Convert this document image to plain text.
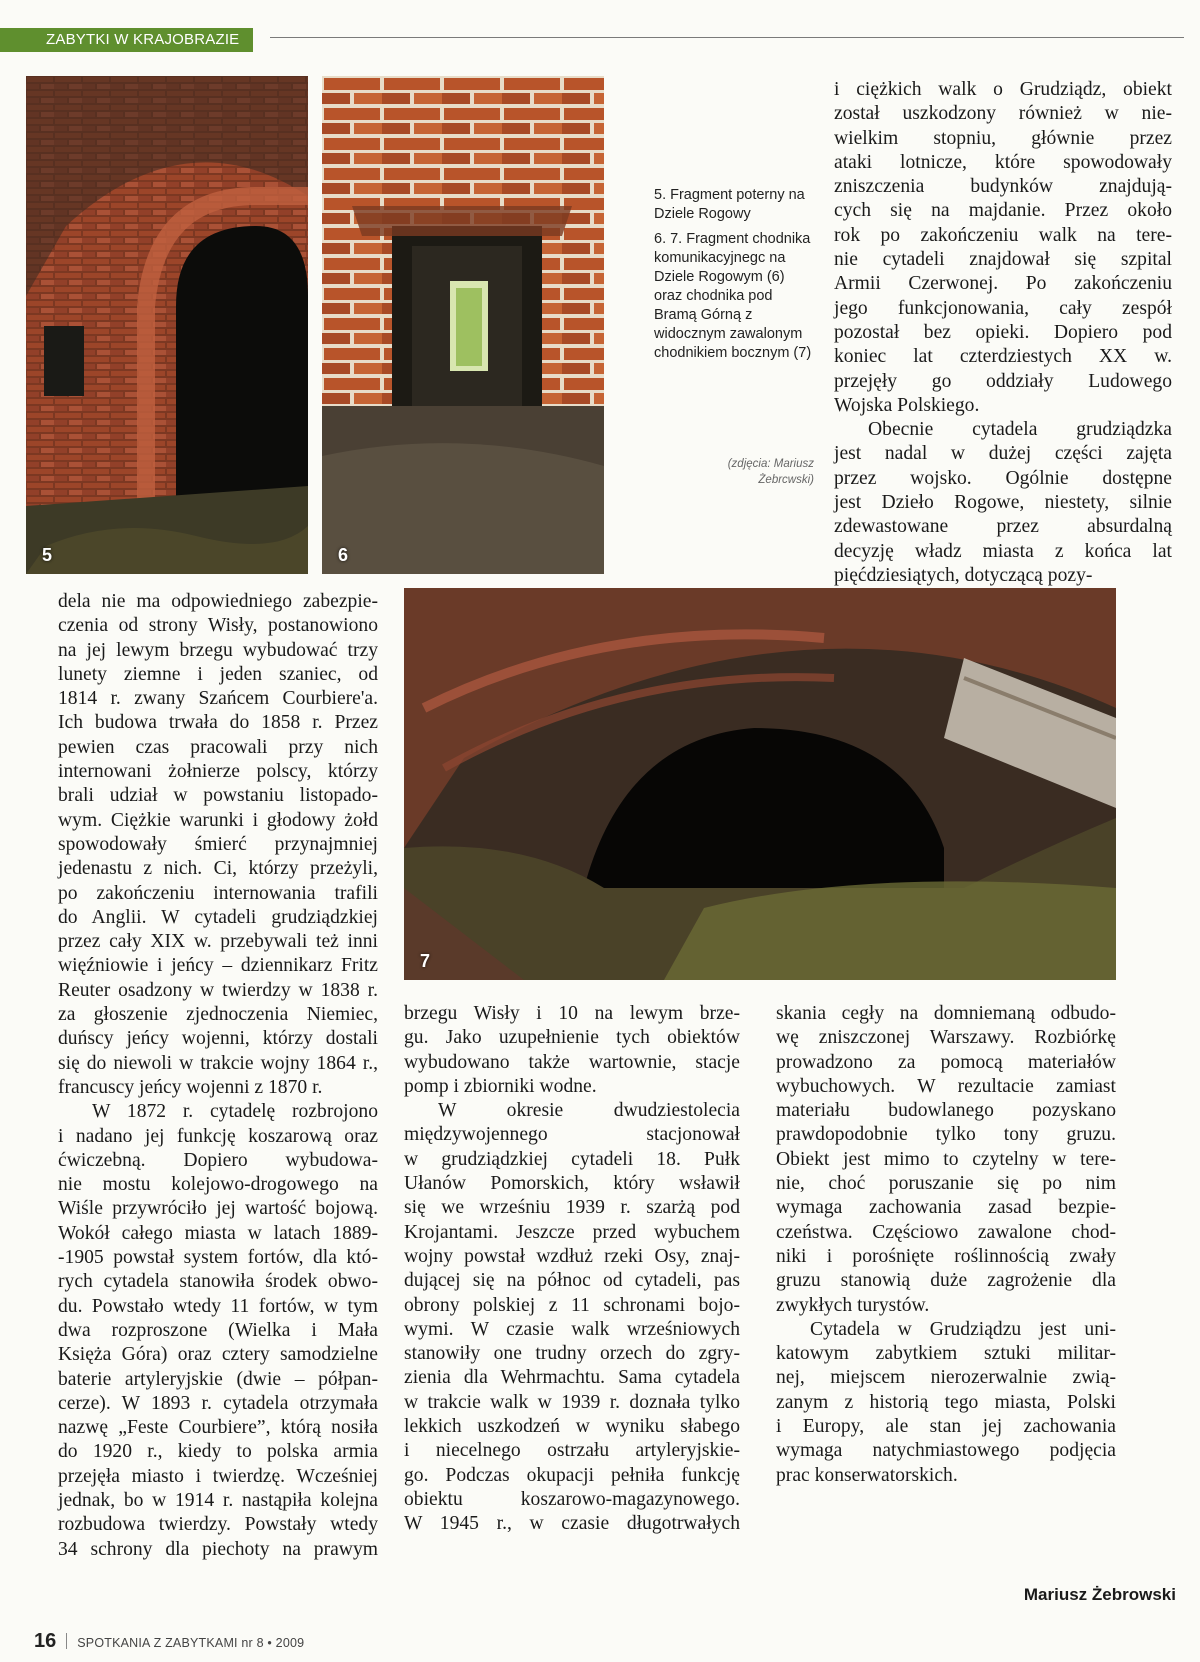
ZABYTKI W KRAJOBRAZIE
5	6
7

5. Fragment poterny na Dziele Rogowy

6. 7. Fragment chodnika komunikacyjnegc na Dziele Rogowym (6) oraz chodnika pod Bramą Górną z widocznym zawalonym chodnikiem bocznym (7)

(zdjęcia: Mariusz Żebrcwski)
i ciężkich walk o Grudziądz, obiekt
został uszkodzony również w nie-
wielkim stopniu, głównie przez
ataki lotnicze, które spowodowały
zniszczenia budynków znajdują-
cych się na majdanie. Przez około
rok po zakończeniu walk na tere-
nie cytadeli znajdował się szpital
Armii Czerwonej. Po zakończeniu
jego funkcjonowania, cały zespół
pozostał bez opieki. Dopiero pod
koniec lat czterdziestych XX w.
przejęły go oddziały Ludowego
Wojska Polskiego.
Obecnie cytadela grudziądzka
jest nadal w dużej części zajęta
przez wojsko. Ogólnie dostępne
jest Dzieło Rogowe, niestety, silnie
zdewastowane przez absurdalną
decyzję władz miasta z końca lat
pięćdziesiątych, dotyczącą pozy-
dela nie ma odpowiedniego zabezpie-
czenia od strony Wisły, postanowiono
na jej lewym brzegu wybudować trzy
lunety ziemne i jeden szaniec, od
1814 r. zwany Szańcem Courbiere'a.
Ich budowa trwała do 1858 r. Przez
pewien czas pracowali przy nich
internowani żołnierze polscy, którzy
brali udział w powstaniu listopado-
wym. Ciężkie warunki i głodowy żołd
spowodowały śmierć przynajmniej
jedenastu z nich. Ci, którzy przeżyli,
po zakończeniu internowania trafili
do Anglii. W cytadeli grudziądzkiej
przez cały XIX w. przebywali też inni
więźniowie i jeńcy – dziennikarz Fritz
Reuter osadzony w twierdzy w 1838 r.
za głoszenie zjednoczenia Niemiec,
duńscy jeńcy wojenni, którzy dostali
się do niewoli w trakcie wojny 1864 r.,
francuscy jeńcy wojenni z 1870 r.
W 1872 r. cytadelę rozbrojono
i nadano jej funkcję koszarową oraz
ćwiczebną. Dopiero wybudowa-
nie mostu kolejowo-drogowego na
Wiśle przywróciło jej wartość bojową.
Wokół całego miasta w latach 1889-
-1905 powstał system fortów, dla któ-
rych cytadela stanowiła środek obwo-
du. Powstało wtedy 11 fortów, w tym
dwa rozproszone (Wielka i Mała
Księża Góra) oraz cztery samodzielne
baterie artyleryjskie (dwie – półpan-
cerze). W 1893 r. cytadela otrzymała
nazwę „Feste Courbiere”, którą nosiła
do 1920 r., kiedy to polska armia
przejęła miasto i twierdzę. Wcześniej
jednak, bo w 1914 r. nastąpiła kolejna
rozbudowa twierdzy. Powstały wtedy
34 schrony dla piechoty na prawym
brzegu Wisły i 10 na lewym brze-
gu. Jako uzupełnienie tych obiektów
wybudowano także wartownie, stacje
pomp i zbiorniki wodne.
W okresie dwudziestolecia
międzywojennego stacjonował
w grudziądzkiej cytadeli 18. Pułk
Ułanów Pomorskich, który wsławił
się we wrześniu 1939 r. szarżą pod
Krojantami. Jeszcze przed wybuchem
wojny powstał wzdłuż rzeki Osy, znaj-
dującej się na północ od cytadeli, pas
obrony polskiej z 11 schronami bojo-
wymi. W czasie walk wrześniowych
stanowiły one trudny orzech do zgry-
zienia dla Wehrmachtu. Sama cytadela
w trakcie walk w 1939 r. doznała tylko
lekkich uszkodzeń w wyniku słabego
i niecelnego ostrzału artyleryjskie-
go. Podczas okupacji pełniła funkcję
obiektu koszarowo-magazynowego.
W 1945 r., w czasie długotrwałych
skania cegły na domniemaną odbudo-
wę zniszczonej Warszawy. Rozbiórkę
prowadzono za pomocą materiałów
wybuchowych. W rezultacie zamiast
materiału budowlanego pozyskano
prawdopodobnie tylko tony gruzu.
Obiekt jest mimo to czytelny w tere-
nie, choć poruszanie się po nim
wymaga zachowania zasad bezpie-
czeństwa. Częściowo zawalone chod-
niki i porośnięte roślinnością zwały
gruzu stanowią duże zagrożenie dla
zwykłych turystów.
Cytadela w Grudziądzu jest uni-
katowym zabytkiem sztuki militar-
nej, miejscem nierozerwalnie zwią-
zanym z historią tego miasta, Polski
i Europy, ale stan jej zachowania
wymaga natychmiastowego podjęcia
prac konserwatorskich.
Mariusz Żebrowski
16 SPOTKANIA Z ZABYTKAMI nr 8 • 2009
